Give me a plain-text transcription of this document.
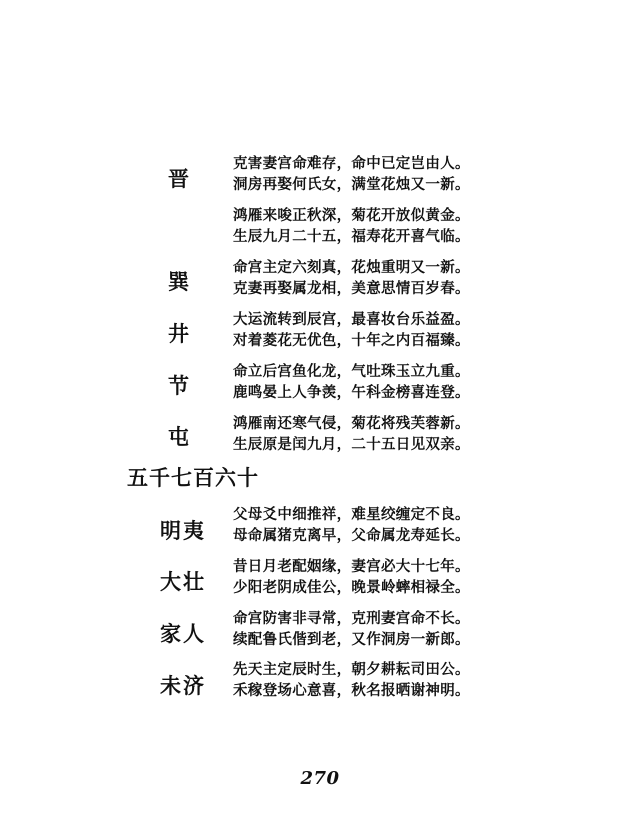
晋
克害妻宫命难存，命中已定岂由人。
洞房再娶何氏女，满堂花烛又一新。
鸿雁来唆正秋深，菊花开放似黄金。
生辰九月二十五，福寿花开喜气临。
巽
命宫主定六刻真，花烛重明又一新。
克妻再娶属龙相，美意思情百岁春。
井
大运流转到辰宫，最喜妆台乐益盈。
对着菱花无优色，十年之内百福臻。
节
命立后宫鱼化龙，气吐珠玉立九重。
鹿鸣晏上人争羡，午科金榜喜连登。
屯
鸿雁南还寒气侵，菊花将残芙蓉新。
生辰原是闰九月，二十五日见双亲。
五千七百六十
明夷
父母爻中细推祥，难星绞缠定不良。
母命属猪克离早，父命属龙寿延长。
大壮
昔日月老配姻缘，妻宫必大十七年。
少阳老阴成佳公，晚景岭蟀相禄全。
家人
命宫防害非寻常，克刑妻宫命不长。
续配鲁氏偕到老，又作洞房一新郎。
未济
先天主定辰时生，朝夕耕耘司田公。
禾稼登场心意喜，秋名报晒谢神明。
270
